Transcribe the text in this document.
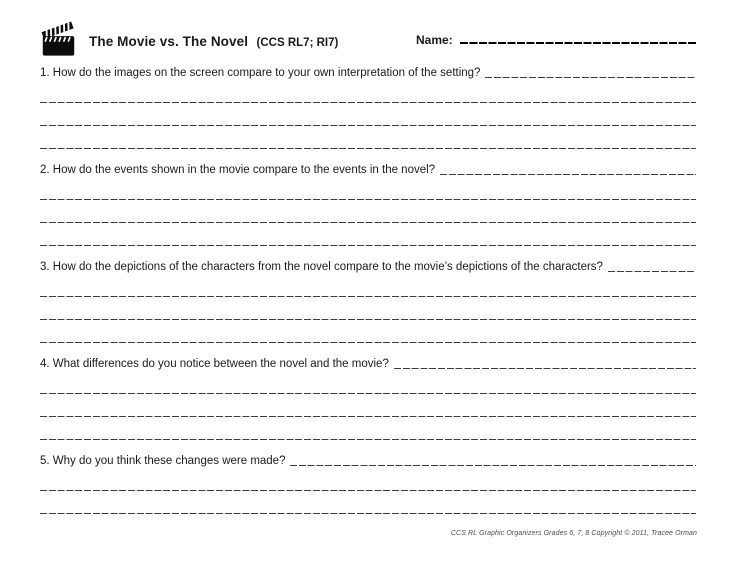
The Movie vs. The Novel (CCS RL7; RI7)	Name:
1. How do the images on the screen compare to your own interpretation of the setting?
2. How do the events shown in the movie compare to the events in the novel?
3. How do the depictions of the characters from the novel compare to the movie’s depictions of the characters?
4. What differences do you notice between the novel and the movie?
5. Why do you think these changes were made?
CCS RL Graphic Organizers Grades 6, 7, 8 Copyright © 2011, Tracee Orman
